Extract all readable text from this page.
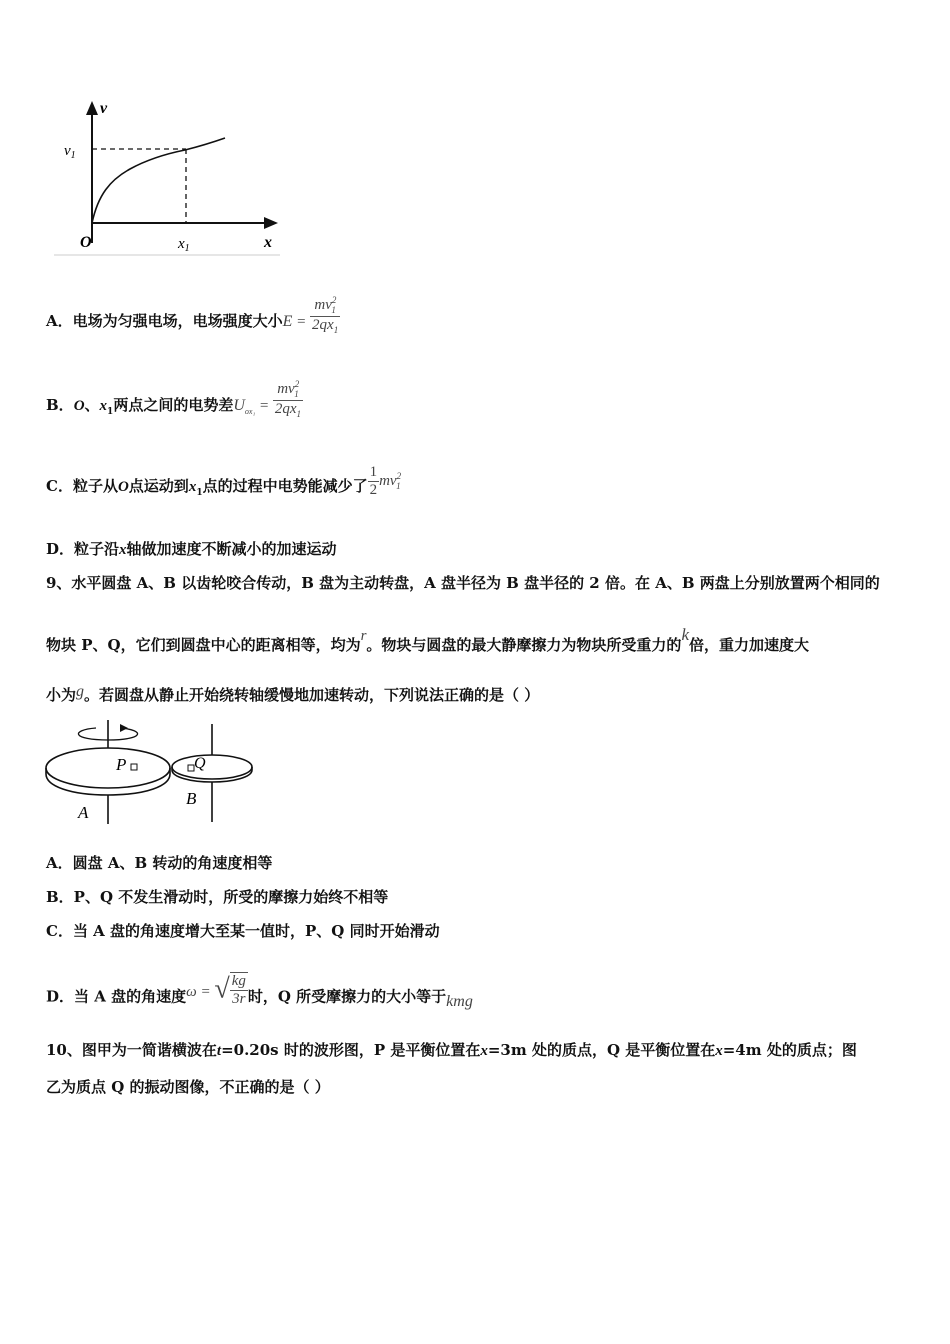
v
x
O
$v_1$
$x_1$
A．电场为匀强电场，电场强度大小$E = \frac{mv^2_1}{2qx_1}$
B．O、$x_1$两点之间的电势差$U_{ox_1} = \frac{mv^2_1}{2qx_1}$
C．粒子从O点运动到$x_1$点的过程中电势能减少了 $\frac{1}{2} mv^2_1$
D．粒子沿x轴做加速度不断减小的加速运动
9、水平圆盘 A、B 以齿轮咬合传动，B 盘为主动转盘，A 盘半径为 B 盘半径的 2 倍。在 A、B 两盘上分别放置两个相同的
物块 P、Q，它们到圆盘中心的距离相等，均为r。物块与圆盘的最大静摩擦力为物块所受重力的k倍，重力加速度大
小为g。若圆盘从静止开始绕转轴缓慢地加速转动，下列说法正确的是（ ）
P	Q
A
B
A．圆盘 A、B 转动的角速度相等
B．P、Q 不发生滑动时，所受的摩擦力始终不相等
C．当 A 盘的角速度增大至某一值时，P、Q 同时开始滑动
D．当 A 盘的角速度ω = √ $\frac{kg}{3r}$ 时，Q 所受摩擦力的大小等于kmg
10、图甲为一简谐横波在t=0.20s 时的波形图，P 是平衡位置在x=3m 处的质点，Q 是平衡位置在x=4m 处的质点；图
乙为质点 Q 的振动图像，不正确的是（ ）
